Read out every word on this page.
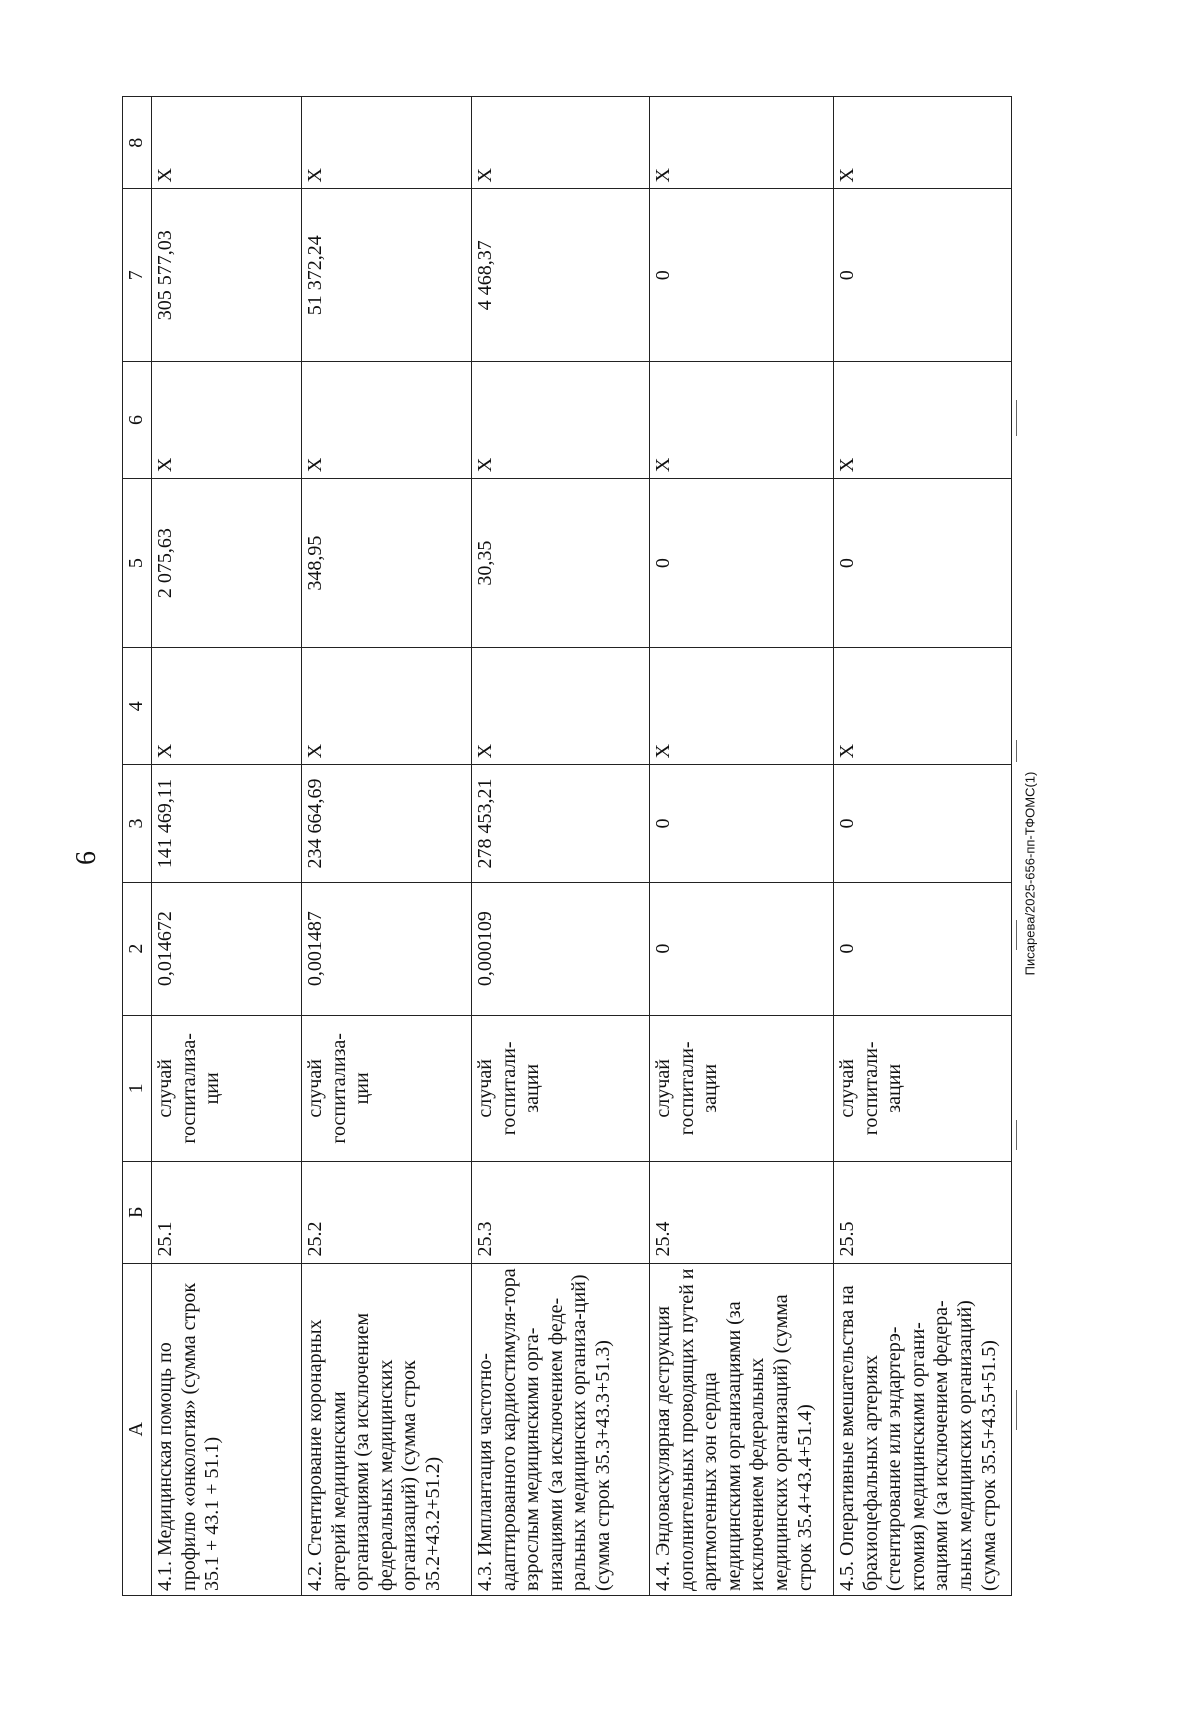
6
А	Б	1	2	3	4	5	6	7	8
4.1. Медицинская помощь по профилю «онкология» (сумма строк 35.1 + 43.1 + 51.1)	25.1	случай госпитализа-ции	0,014672	141 469,11	Х	2 075,63	Х	305 577,03	Х
4.2. Стентирование коронарных артерий медицинскими организациями (за исключением федеральных медицинских организаций) (сумма строк 35.2+43.2+51.2)	25.2	случай госпитализа-ции	0,001487	234 664,69	Х	348,95	Х	51 372,24	Х
4.3. Имплантация частотно-адаптированного кардиостимуля-тора взрослым медицинскими орга-низациями (за исключением феде-ральных медицинских организа-ций) (сумма строк 35.3+43.3+51.3)	25.3	случай госпитали-зации	0,000109	278 453,21	Х	30,35	Х	4 468,37	Х
4.4. Эндоваскулярная деструкция дополнительных проводящих путей и аритмогенных зон сердца медицинскими организациями (за исключением федеральных медицинских организаций) (сумма строк 35.4+43.4+51.4)	25.4	случай госпитали-зации	0	0	Х	0	Х	0	Х
4.5. Оперативные вмешательства на брахиоцефальных артериях (стентирование или эндартерэ-ктомия) медицинскими органи-зациями (за исключением федера-льных медицинских организаций) (сумма строк 35.5+43.5+51.5)	25.5	случай госпитали-зации	0	0	Х	0	Х	0	Х
Писарева/2025-656-пп-ТФОМС(1)
